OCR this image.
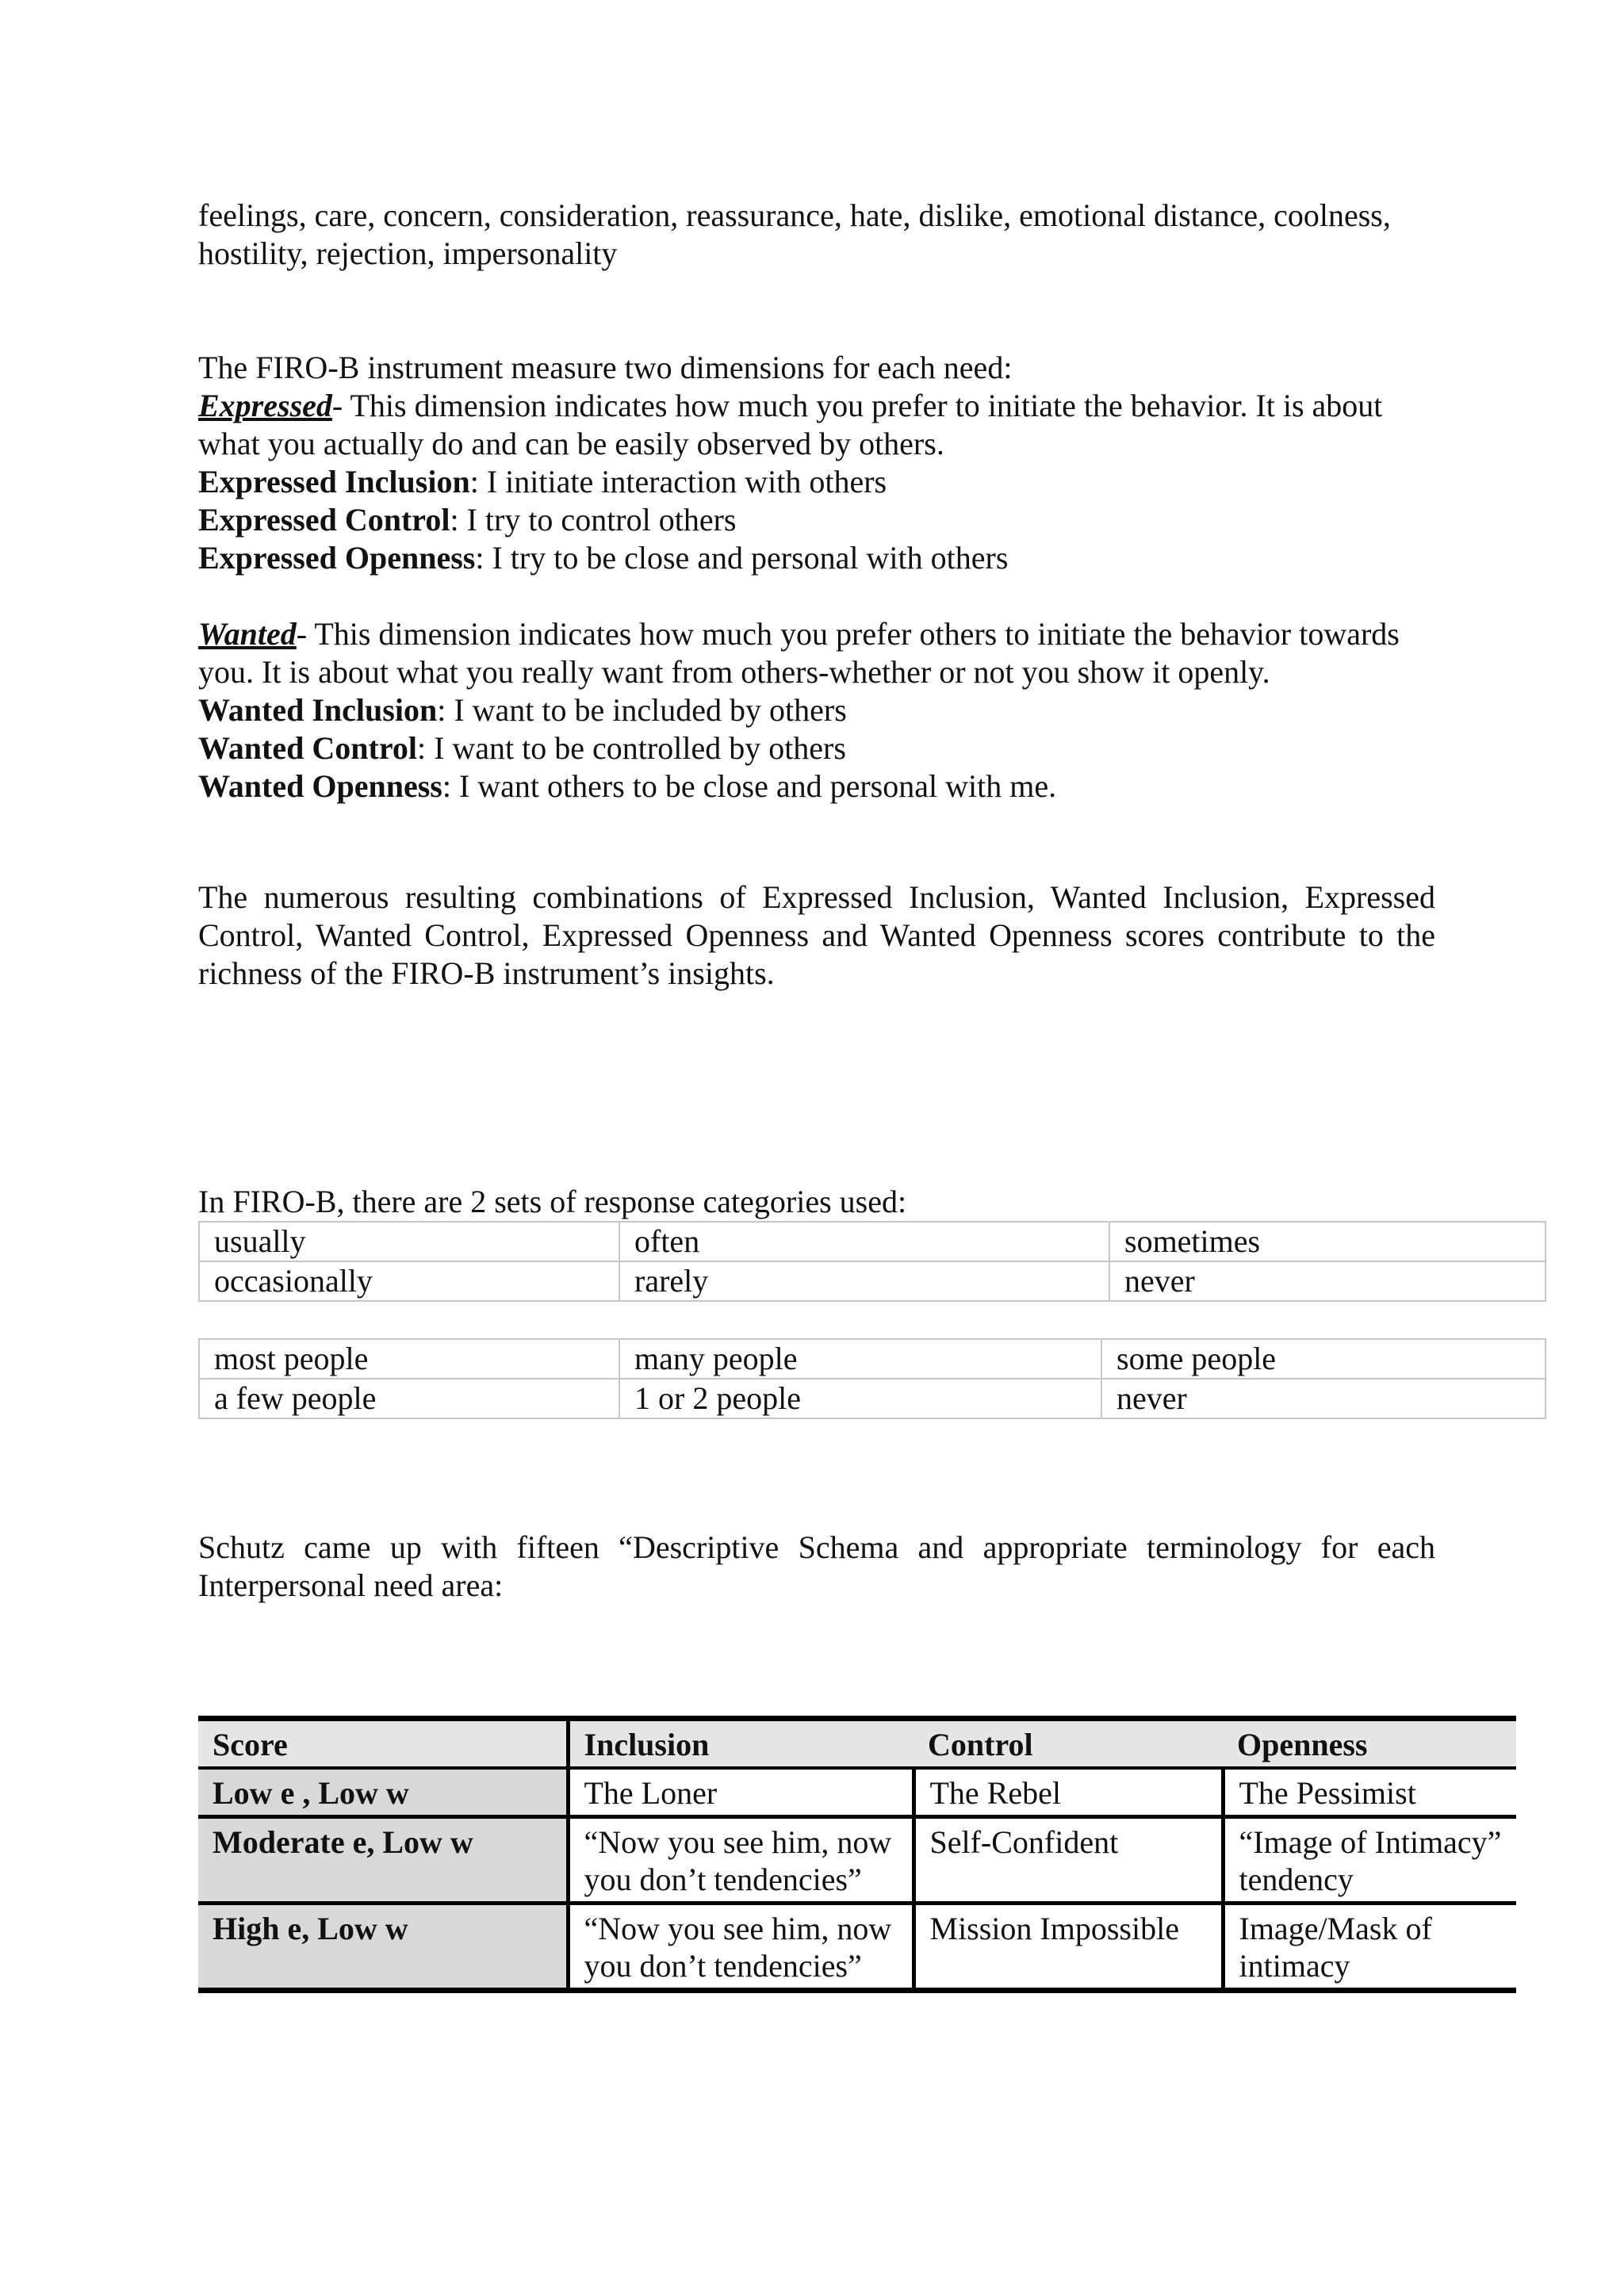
feelings, care, concern, consideration, reassurance, hate, dislike, emotional distance, coolness,
hostility, rejection, impersonality
The FIRO-B instrument measure two dimensions for each need:
Expressed- This dimension indicates how much you prefer to initiate the behavior. It is about
what you actually do and can be easily observed by others.
Expressed Inclusion: I initiate interaction with others
Expressed Control: I try to control others
Expressed Openness: I try to be close and personal with others

Wanted- This dimension indicates how much you prefer others to initiate the behavior towards
you. It is about what you really want from others-whether or not you show it openly.
Wanted Inclusion: I want to be included by others
Wanted Control: I want to be controlled by others
Wanted Openness: I want others to be close and personal with me.
The numerous resulting combinations of Expressed Inclusion, Wanted Inclusion, Expressed
Control, Wanted Control, Expressed Openness and Wanted Openness scores contribute to the
richness of the FIRO-B instrument’s insights.
In FIRO-B, there are 2 sets of response categories used:
usually	often	sometimes
occasionally	rarely	never
most people	many people	some people
a few people	1 or 2 people	never
Schutz came up with fifteen “Descriptive Schema and appropriate terminology for each
Interpersonal need area:
Score	Inclusion	Control	Openness
Low e , Low w	The Loner	The Rebel	The Pessimist
Moderate e, Low w	“Now you see him, now you don’t tendencies”	Self-Confident	“Image of Intimacy” tendency
High e, Low w	“Now you see him, now you don’t tendencies”	Mission Impossible	Image/Mask of intimacy
